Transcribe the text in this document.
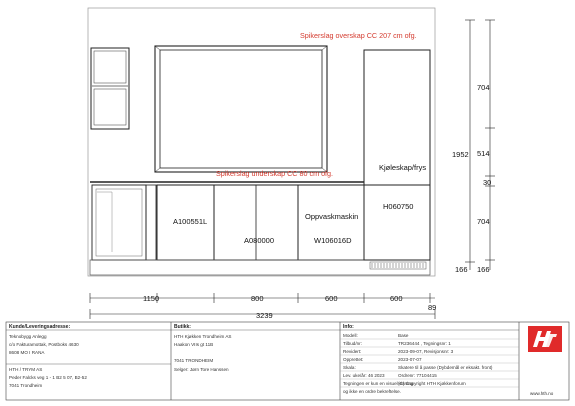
Spikerslag overskap CC 207 cm ofg.
Spikerslag underskap CC 80 cm ofg.
A100551L
A080000
Oppvaskmaskin
W106016D
Kjøleskap/frys
H060750
1952
704
514
30
704
166 166
1150	800	600	600
89
3239
Kunde/Leveringsadresse:
Teknobygg Anlegg
c/o Fakturamottak, Postboks 4630
8608 MO I RANA
HTH / TRYM AS
Peder Falcks veg 1 - 1 B2 5 07, B2-52
7041 Trondheim
Butikk:
HTH Kjøkken Trondheim AS
Haakon VIIs gt 11B
7041 TRONDHEIM
Selger: Jørn Tore Hanssen
Info:
Modell:	Base
Tilbud/nr:	TR236444 , Tegningsnr: 1
Revidert:	2023-09-07, Revisjonsnr: 3
Opprettet:	2023-07-07
Skala:	Skatere til å passe (Dybdemål er eksakt. front)
Lev. uke/år: 46 2023	Ordrenr: 77104415
Tegningen er kun en visuel visning
(C) Copyright HTH Kjøkkenforum
og ikke en ordre bekreftelse.	www.hth.no
